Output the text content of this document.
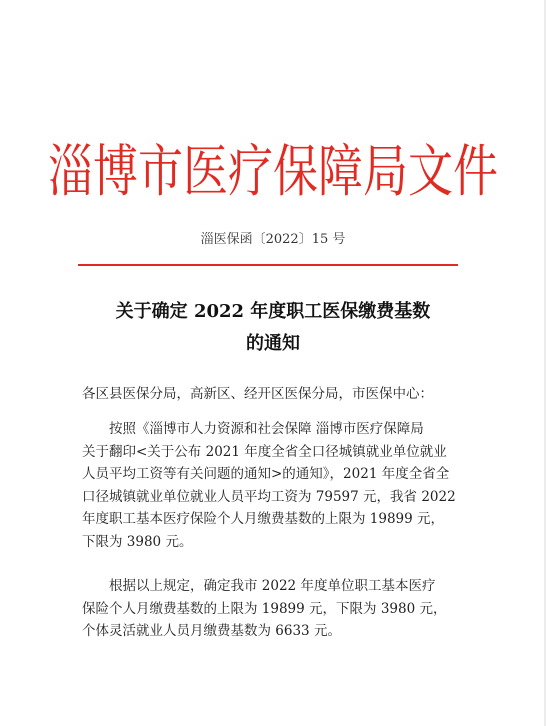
淄博市医疗保障局文件
淄医保函〔2022〕15 号
关于确定 2022 年度职工医保缴费基数
的通知
各区县医保分局，高新区、经开区医保分局，市医保中心：
按照《淄博市人力资源和社会保障 淄博市医疗保障局
关于翻印<关于公布 2021 年度全省全口径城镇就业单位就业
人员平均工资等有关问题的通知>的通知》，2021 年度全省全
口径城镇就业单位就业人员平均工资为 79597 元，我省 2022
年度职工基本医疗保险个人月缴费基数的上限为 19899 元，
下限为 3980 元。
根据以上规定，确定我市 2022 年度单位职工基本医疗
保险个人月缴费基数的上限为 19899 元，下限为 3980 元，
个体灵活就业人员月缴费基数为 6633 元。
